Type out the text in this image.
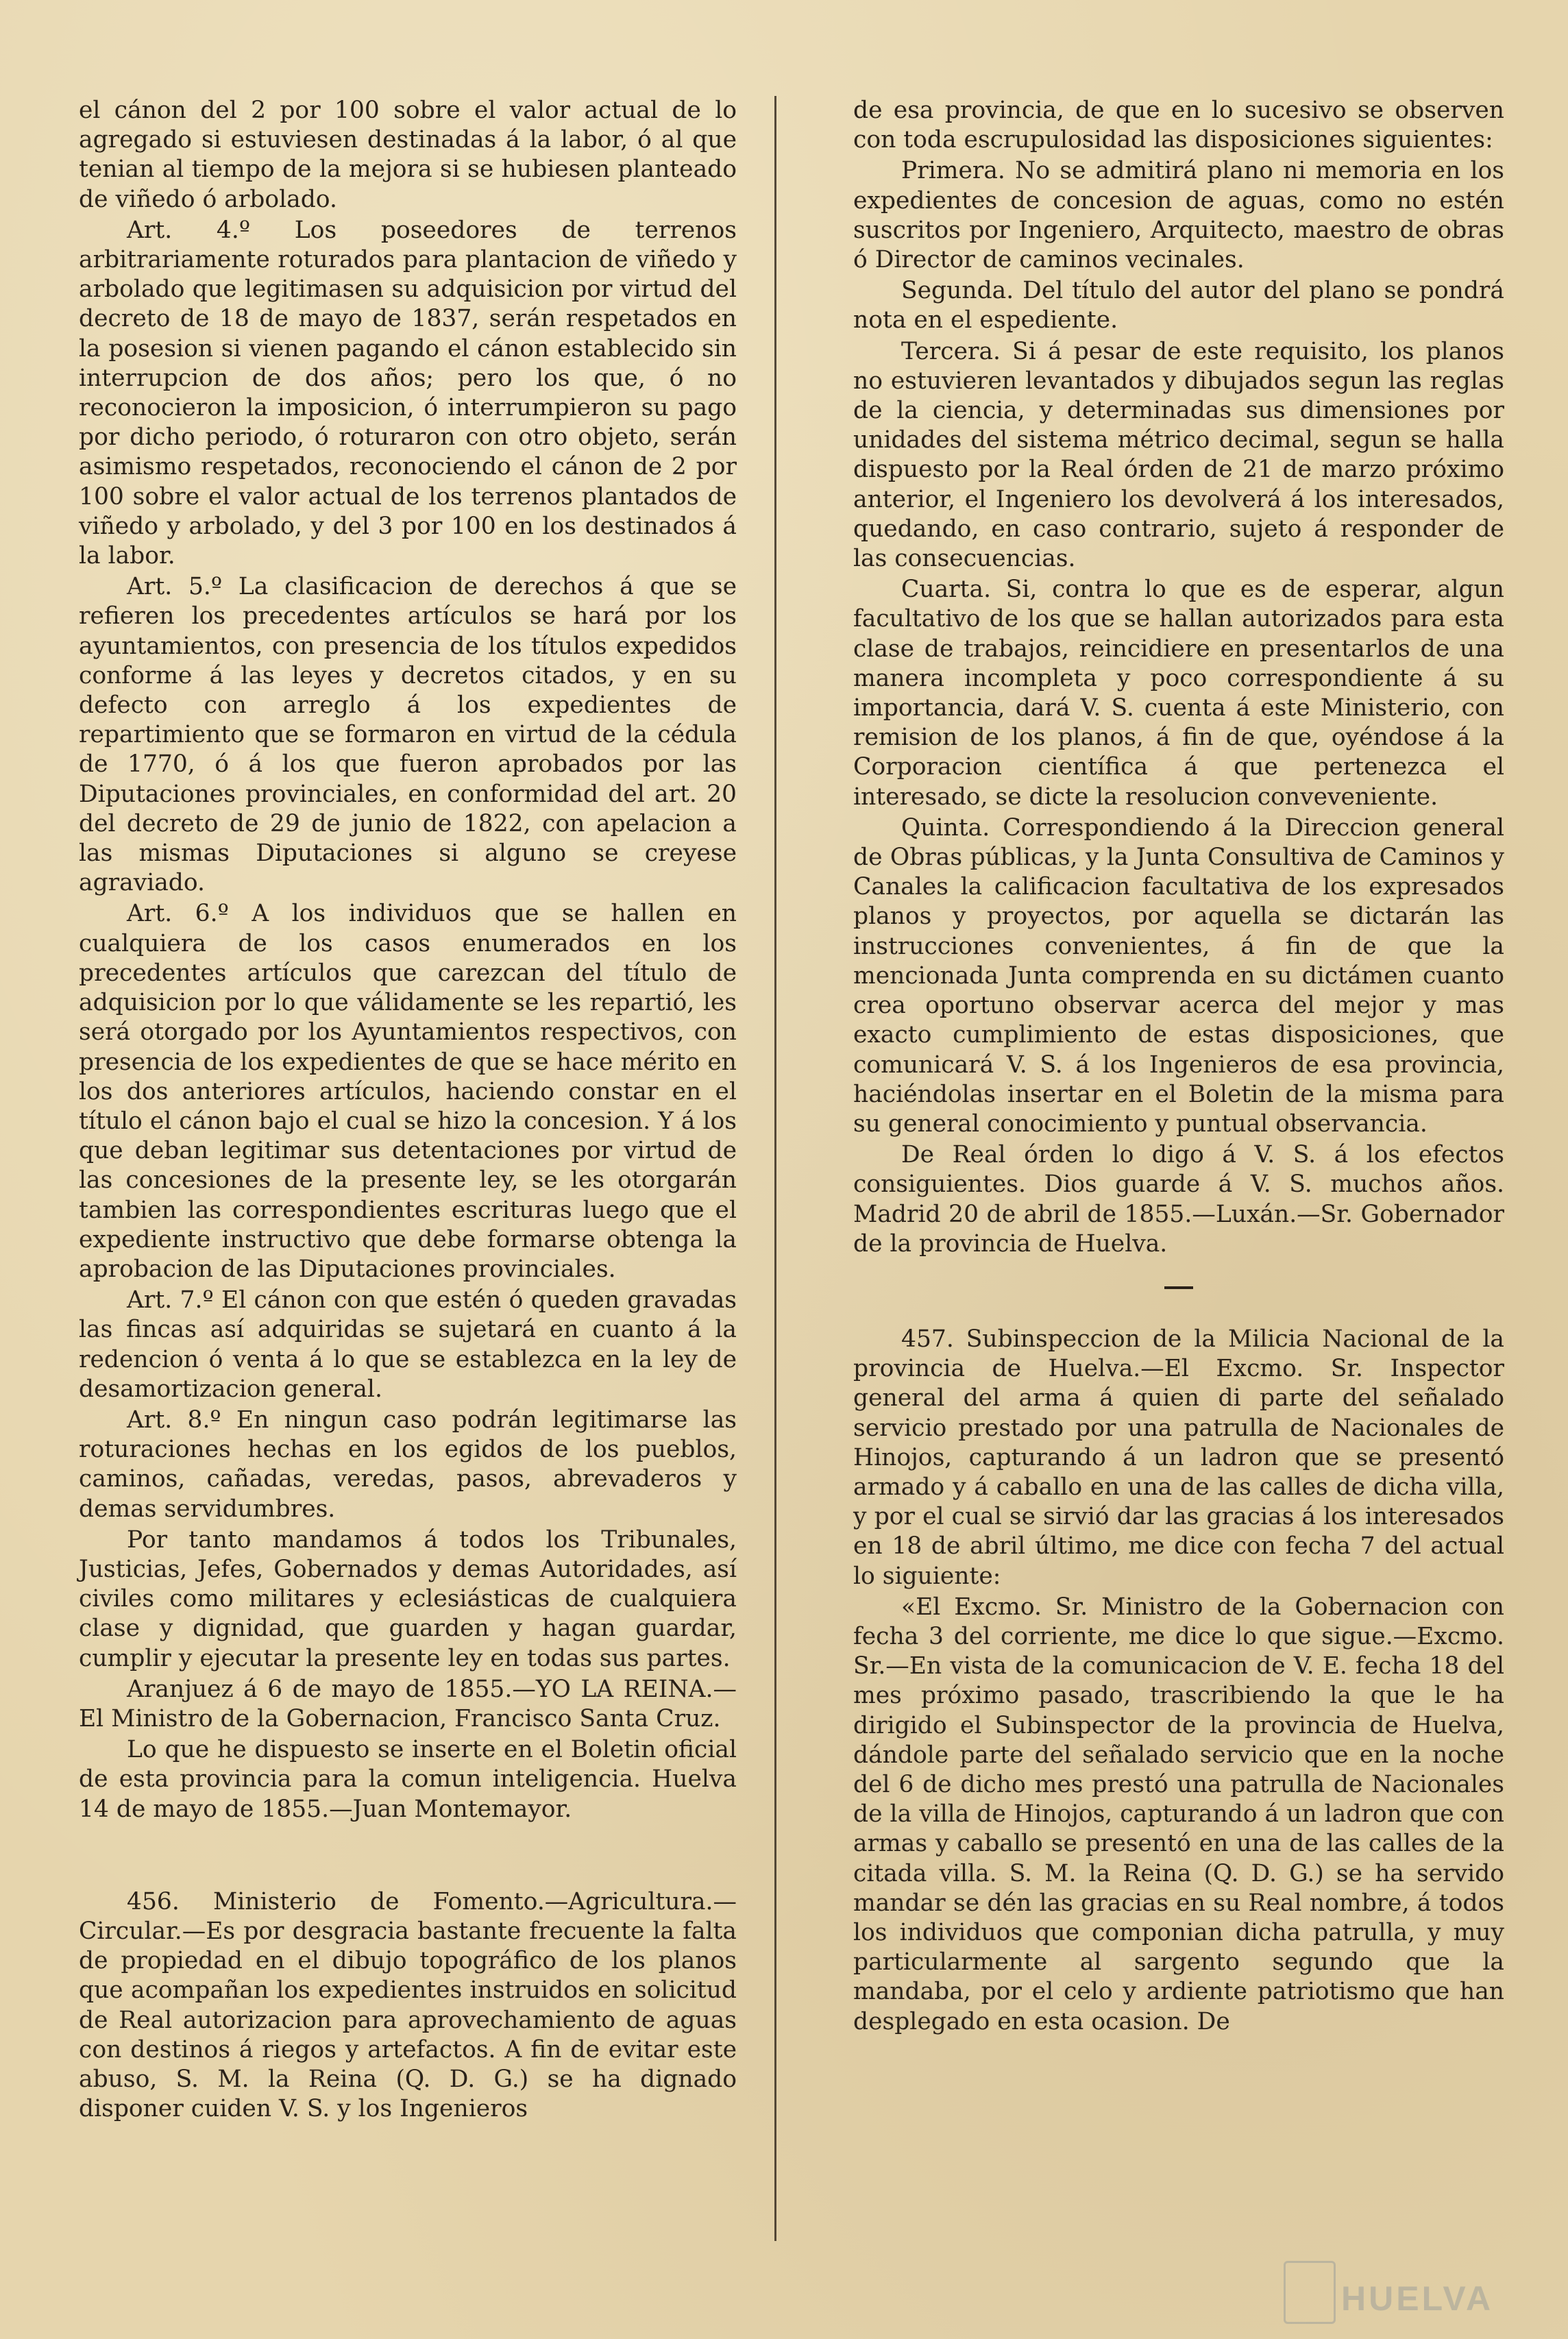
el cánon del 2 por 100 sobre el valor actual de lo agregado si estuviesen destinadas á la labor, ó al que tenian al tiempo de la mejora si se hubiesen planteado de viñedo ó arbolado.

Art. 4.º Los poseedores de terrenos arbitrariamente roturados para plantacion de viñedo y arbolado que legitimasen su adquisicion por virtud del decreto de 18 de mayo de 1837, serán respetados en la posesion si vienen pagando el cánon establecido sin interrupcion de dos años; pero los que, ó no reconocieron la imposicion, ó interrumpieron su pago por dicho periodo, ó roturaron con otro objeto, serán asimismo respetados, reconociendo el cánon de 2 por 100 sobre el valor actual de los terrenos plantados de viñedo y arbolado, y del 3 por 100 en los destinados á la labor.

Art. 5.º La clasificacion de derechos á que se refieren los precedentes artículos se hará por los ayuntamientos, con presencia de los títulos expedidos conforme á las leyes y decretos citados, y en su defecto con arreglo á los expedientes de repartimiento que se formaron en virtud de la cédula de 1770, ó á los que fueron aprobados por las Diputaciones provinciales, en conformidad del art. 20 del decreto de 29 de junio de 1822, con apelacion a las mismas Diputaciones si alguno se creyese agraviado.

Art. 6.º A los individuos que se hallen en cualquiera de los casos enumerados en los precedentes artículos que carezcan del título de adquisicion por lo que válidamente se les repartió, les será otorgado por los Ayuntamientos respectivos, con presencia de los expedientes de que se hace mérito en los dos anteriores artículos, haciendo constar en el título el cánon bajo el cual se hizo la concesion. Y á los que deban legitimar sus detentaciones por virtud de las concesiones de la presente ley, se les otorgarán tambien las correspondientes escrituras luego que el expediente instructivo que debe formarse obtenga la aprobacion de las Diputaciones provinciales.

Art. 7.º El cánon con que estén ó queden gravadas las fincas así adquiridas se sujetará en cuanto á la redencion ó venta á lo que se establezca en la ley de desamortizacion general.

Art. 8.º En ningun caso podrán legitimarse las roturaciones hechas en los egidos de los pueblos, caminos, cañadas, veredas, pasos, abrevaderos y demas servidumbres.

Por tanto mandamos á todos los Tribunales, Justicias, Jefes, Gobernados y demas Autoridades, así civiles como militares y eclesiásticas de cualquiera clase y dignidad, que guarden y hagan guardar, cumplir y ejecutar la presente ley en todas sus partes.

Aranjuez á 6 de mayo de 1855.—YO LA REINA.—El Ministro de la Gobernacion, Francisco Santa Cruz.

Lo que he dispuesto se inserte en el Boletin oficial de esta provincia para la comun inteligencia. Huelva 14 de mayo de 1855.—Juan Montemayor.

456. Ministerio de Fomento.—Agricultura.—Circular.—Es por desgracia bastante frecuente la falta de propiedad en el dibujo topográfico de los planos que acompañan los expedientes instruidos en solicitud de Real autorizacion para aprovechamiento de aguas con destinos á riegos y artefactos. A fin de evitar este abuso, S. M. la Reina (Q. D. G.) se ha dignado disponer cuiden V. S. y los Ingenieros

de esa provincia, de que en lo sucesivo se observen con toda escrupulosidad las disposiciones siguientes:

Primera. No se admitirá plano ni memoria en los expedientes de concesion de aguas, como no estén suscritos por Ingeniero, Arquitecto, maestro de obras ó Director de caminos vecinales.

Segunda. Del título del autor del plano se pondrá nota en el espediente.

Tercera. Si á pesar de este requisito, los planos no estuvieren levantados y dibujados segun las reglas de la ciencia, y determinadas sus dimensiones por unidades del sistema métrico decimal, segun se halla dispuesto por la Real órden de 21 de marzo próximo anterior, el Ingeniero los devolverá á los interesados, quedando, en caso contrario, sujeto á responder de las consecuencias.

Cuarta. Si, contra lo que es de esperar, algun facultativo de los que se hallan autorizados para esta clase de trabajos, reincidiere en presentarlos de una manera incompleta y poco correspondiente á su importancia, dará V. S. cuenta á este Ministerio, con remision de los planos, á fin de que, oyéndose á la Corporacion científica á que pertenezca el interesado, se dicte la resolucion conveveniente.

Quinta. Correspondiendo á la Direccion general de Obras públicas, y la Junta Consultiva de Caminos y Canales la calificacion facultativa de los expresados planos y proyectos, por aquella se dictarán las instrucciones convenientes, á fin de que la mencionada Junta comprenda en su dictámen cuanto crea oportuno observar acerca del mejor y mas exacto cumplimiento de estas disposiciones, que comunicará V. S. á los Ingenieros de esa provincia, haciéndolas insertar en el Boletin de la misma para su general conocimiento y puntual observancia.

De Real órden lo digo á V. S. á los efectos consiguientes. Dios guarde á V. S. muchos años. Madrid 20 de abril de 1855.—Luxán.—Sr. Gobernador de la provincia de Huelva.

457. Subinspeccion de la Milicia Nacional de la provincia de Huelva.—El Excmo. Sr. Inspector general del arma á quien di parte del señalado servicio prestado por una patrulla de Nacionales de Hinojos, capturando á un ladron que se presentó armado y á caballo en una de las calles de dicha villa, y por el cual se sirvió dar las gracias á los interesados en 18 de abril último, me dice con fecha 7 del actual lo siguiente:

«El Excmo. Sr. Ministro de la Gobernacion con fecha 3 del corriente, me dice lo que sigue.—Excmo. Sr.—En vista de la comunicacion de V. E. fecha 18 del mes próximo pasado, trascribiendo la que le ha dirigido el Subinspector de la provincia de Huelva, dándole parte del señalado servicio que en la noche del 6 de dicho mes prestó una patrulla de Nacionales de la villa de Hinojos, capturando á un ladron que con armas y caballo se presentó en una de las calles de la citada villa. S. M. la Reina (Q. D. G.) se ha servido mandar se dén las gracias en su Real nombre, á todos los individuos que componian dicha patrulla, y muy particularmente al sargento segundo que la mandaba, por el celo y ardiente patriotismo que han desplegado en esta ocasion. De

HUELVA
